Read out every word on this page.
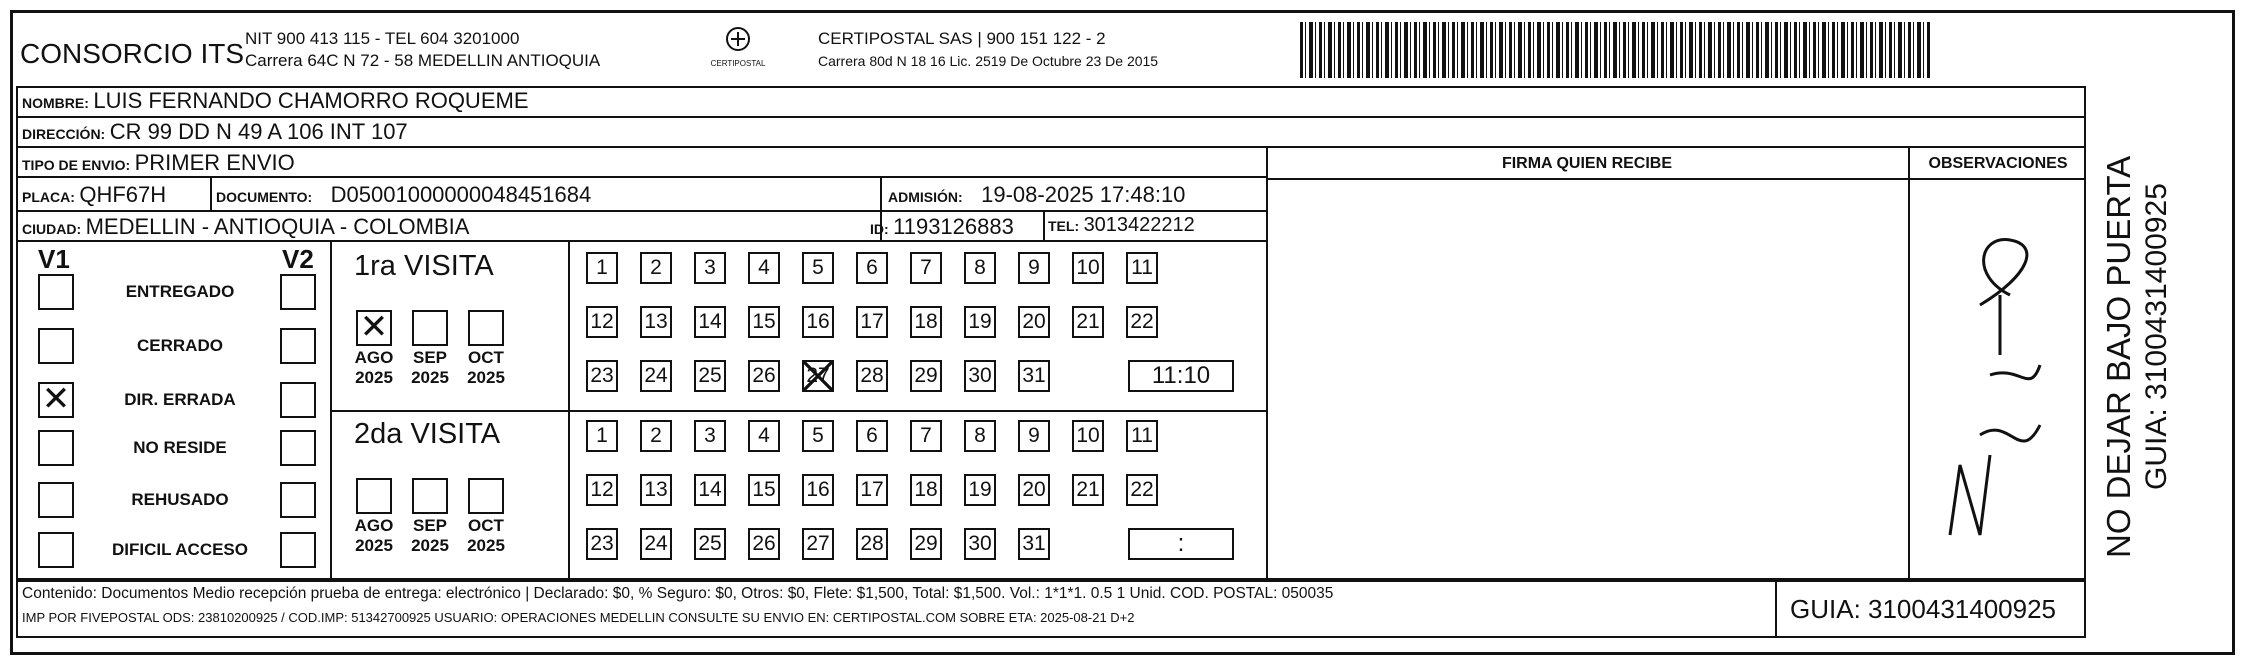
CONSORCIO ITS NIT 900 413 115 - TEL 604 3201000
Carrera 64C N 72 - 58 MEDELLIN ANTIOQUIA	CERTIPOSTAL
CERTIPOSTAL SAS | 900 151 122 - 2
Carrera 80d N 18 16 Lic. 2519 De Octubre 23 De 2015
NOMBRE: LUIS FERNANDO CHAMORRO ROQUEME
DIRECCIÓN: CR 99 DD N 49 A 106 INT 107
TIPO DE ENVIO: PRIMER ENVIO
PLACA: QHF67H	DOCUMENTO: D05001000000048451684	ADMISIÓN: 19-08-2025 17:48:10
CIUDAD: MEDELLIN - ANTIOQUIA - COLOMBIA	ID: 1193126883 TEL: 3013422212
FIRMA QUIEN RECIBE	OBSERVACIONES
V1	V2
ENTREGADO
CERRADO
✕	DIR. ERRADA
NO RESIDE
REHUSADO
DIFICIL ACCESO
1ra VISITA
✕
AGO
2025
SEP
2025
OCT
2025
1	2	3	4	5	6	7	8	9	10 11
12 13 14 15 16 17 18 19 20 21 22
23 24 25 26 27 28 29 30 31	11:10
2da VISITA
AGO
2025
SEP
2025
OCT
2025
1	2	3	4	5	6	7	8	9	10 11
12 13 14 15 16 17 18 19 20 21 22
23 24 25 26 27 28 29 30 31	:
Contenido: Documentos Medio recepción prueba de entrega: electrónico | Declarado: $0, % Seguro: $0, Otros: $0, Flete: $1,500, Total: $1,500. Vol.: 1*1*1. 0.5 1 Unid. COD. POSTAL: 050035
IMP POR FIVEPOSTAL ODS: 23810200925 / COD.IMP: 51342700925 USUARIO: OPERACIONES MEDELLIN CONSULTE SU ENVIO EN: CERTIPOSTAL.COM SOBRE ETA: 2025-08-21 D+2	GUIA: 3100431400925
NO DEJAR BAJO PUERTA GUIA: 3100431400925
